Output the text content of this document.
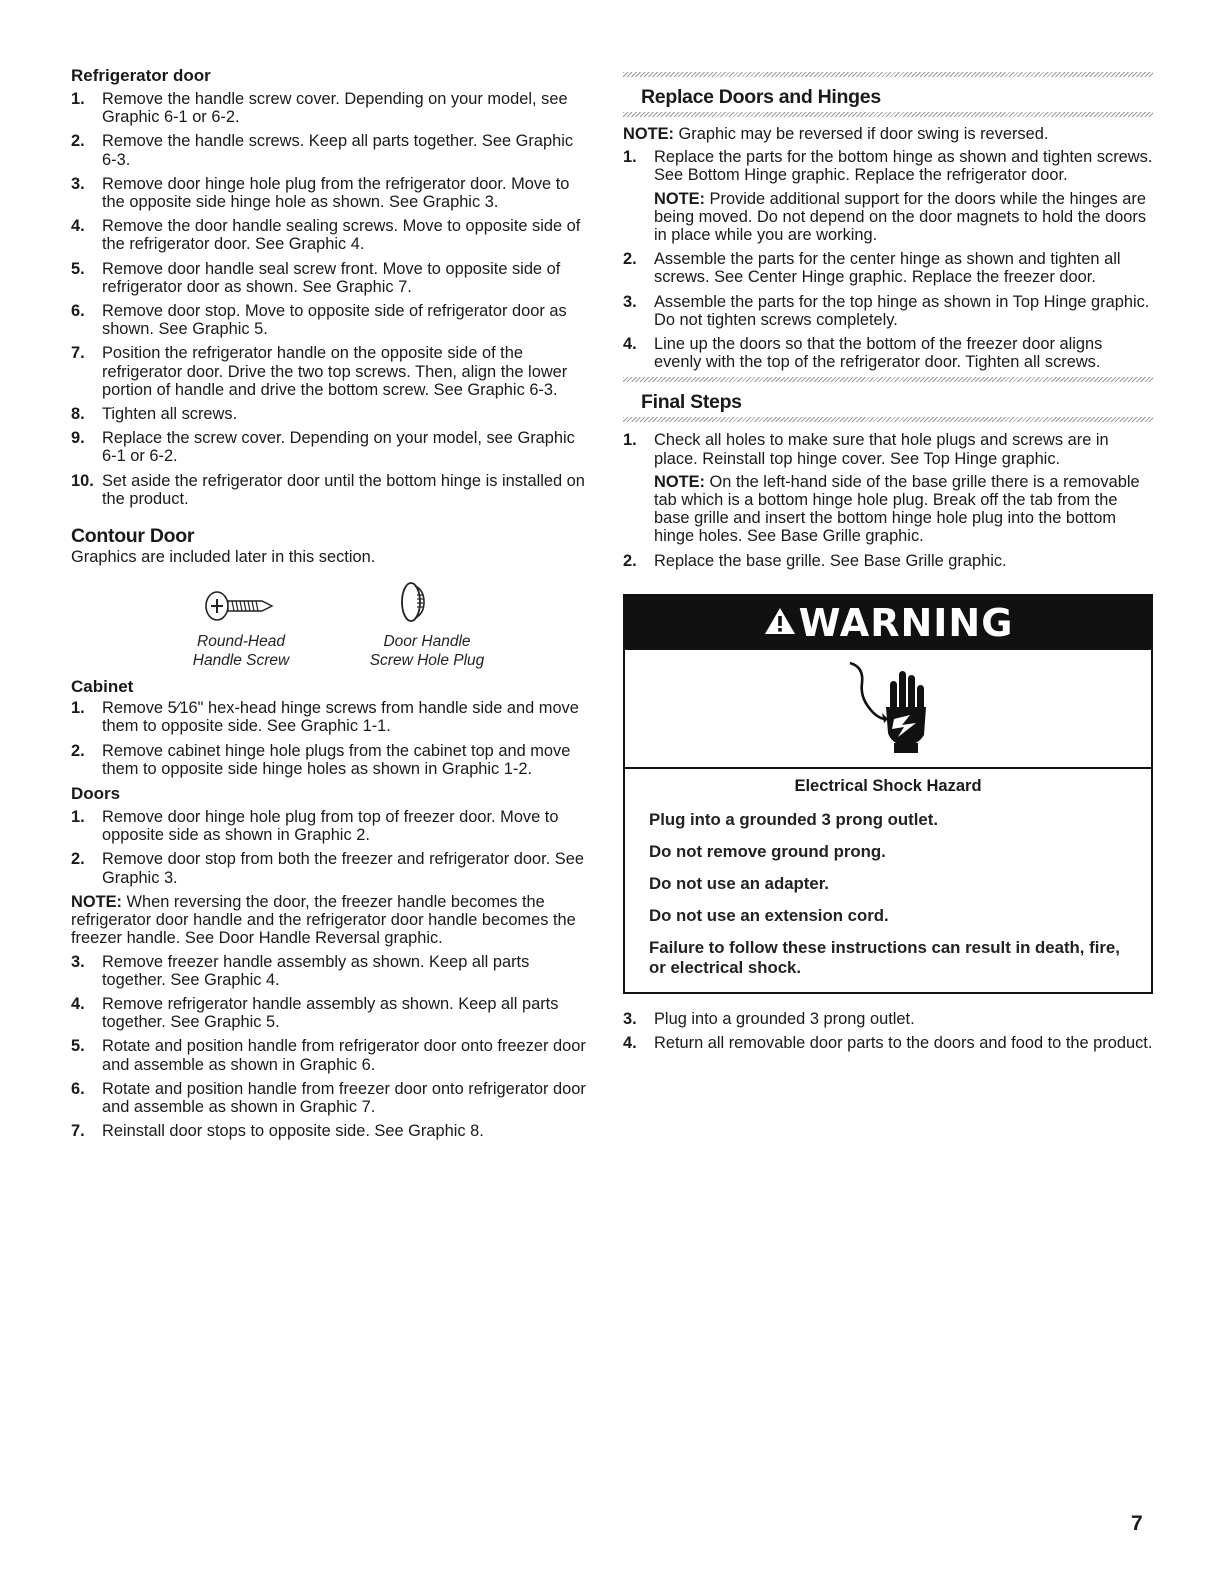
Refrigerator door
1. Remove the handle screw cover. Depending on your model, see Graphic 6-1 or 6-2.
2. Remove the handle screws. Keep all parts together. See Graphic 6-3.
3. Remove door hinge hole plug from the refrigerator door. Move to the opposite side hinge hole as shown. See Graphic 3.
4. Remove the door handle sealing screws. Move to opposite side of the refrigerator door. See Graphic 4.
5. Remove door handle seal screw front. Move to opposite side of refrigerator door as shown. See Graphic 7.
6. Remove door stop. Move to opposite side of refrigerator door as shown. See Graphic 5.
7. Position the refrigerator handle on the opposite side of the refrigerator door. Drive the two top screws. Then, align the lower portion of handle and drive the bottom screw. See Graphic 6-3.
8. Tighten all screws.
9. Replace the screw cover. Depending on your model, see Graphic 6-1 or 6-2.
10. Set aside the refrigerator door until the bottom hinge is installed on the product.
Contour Door

Graphics are included later in this section.

Round-Head
Handle Screw
Door Handle
Screw Hole Plug
Cabinet
1. Remove 5⁄16" hex-head hinge screws from handle side and move them to opposite side. See Graphic 1-1.
2. Remove cabinet hinge hole plugs from the cabinet top and move them to opposite side hinge holes as shown in Graphic 1-2.
Doors
1. Remove door hinge hole plug from top of freezer door. Move to opposite side as shown in Graphic 2.
2. Remove door stop from both the freezer and refrigerator door. See Graphic 3.

NOTE: When reversing the door, the freezer handle becomes the refrigerator door handle and the refrigerator door handle becomes the freezer handle. See Door Handle Reversal graphic.

3. Remove freezer handle assembly as shown. Keep all parts together. See Graphic 4.
4. Remove refrigerator handle assembly as shown. Keep all parts together. See Graphic 5.
5. Rotate and position handle from refrigerator door onto freezer door and assemble as shown in Graphic 6.
6. Rotate and position handle from freezer door onto refrigerator door and assemble as shown in Graphic 7.
7. Reinstall door stops to opposite side. See Graphic 8.
Replace Doors and Hinges

NOTE: Graphic may be reversed if door swing is reversed.

1. Replace the parts for the bottom hinge as shown and tighten screws. See Bottom Hinge graphic. Replace the refrigerator door.

NOTE: Provide additional support for the doors while the hinges are being moved. Do not depend on the door magnets to hold the doors in place while you are working.

2. Assemble the parts for the center hinge as shown and tighten all screws. See Center Hinge graphic. Replace the freezer door.
3. Assemble the parts for the top hinge as shown in Top Hinge graphic. Do not tighten screws completely.
4. Line up the doors so that the bottom of the freezer door aligns evenly with the top of the refrigerator door. Tighten all screws.
Final Steps
1. Check all holes to make sure that hole plugs and screws are in place. Reinstall top hinge cover. See Top Hinge graphic.

NOTE: On the left-hand side of the base grille there is a removable tab which is a bottom hinge hole plug. Break off the tab from the base grille and insert the bottom hinge hole plug into the bottom hinge holes. See Base Grille graphic.

2. Replace the base grille. See Base Grille graphic.
WARNING
Electrical Shock Hazard

Plug into a grounded 3 prong outlet.

Do not remove ground prong.

Do not use an adapter.

Do not use an extension cord.

Failure to follow these instructions can result in death, fire, or electrical shock.

3. Plug into a grounded 3 prong outlet.
4. Return all removable door parts to the doors and food to the product.
7
